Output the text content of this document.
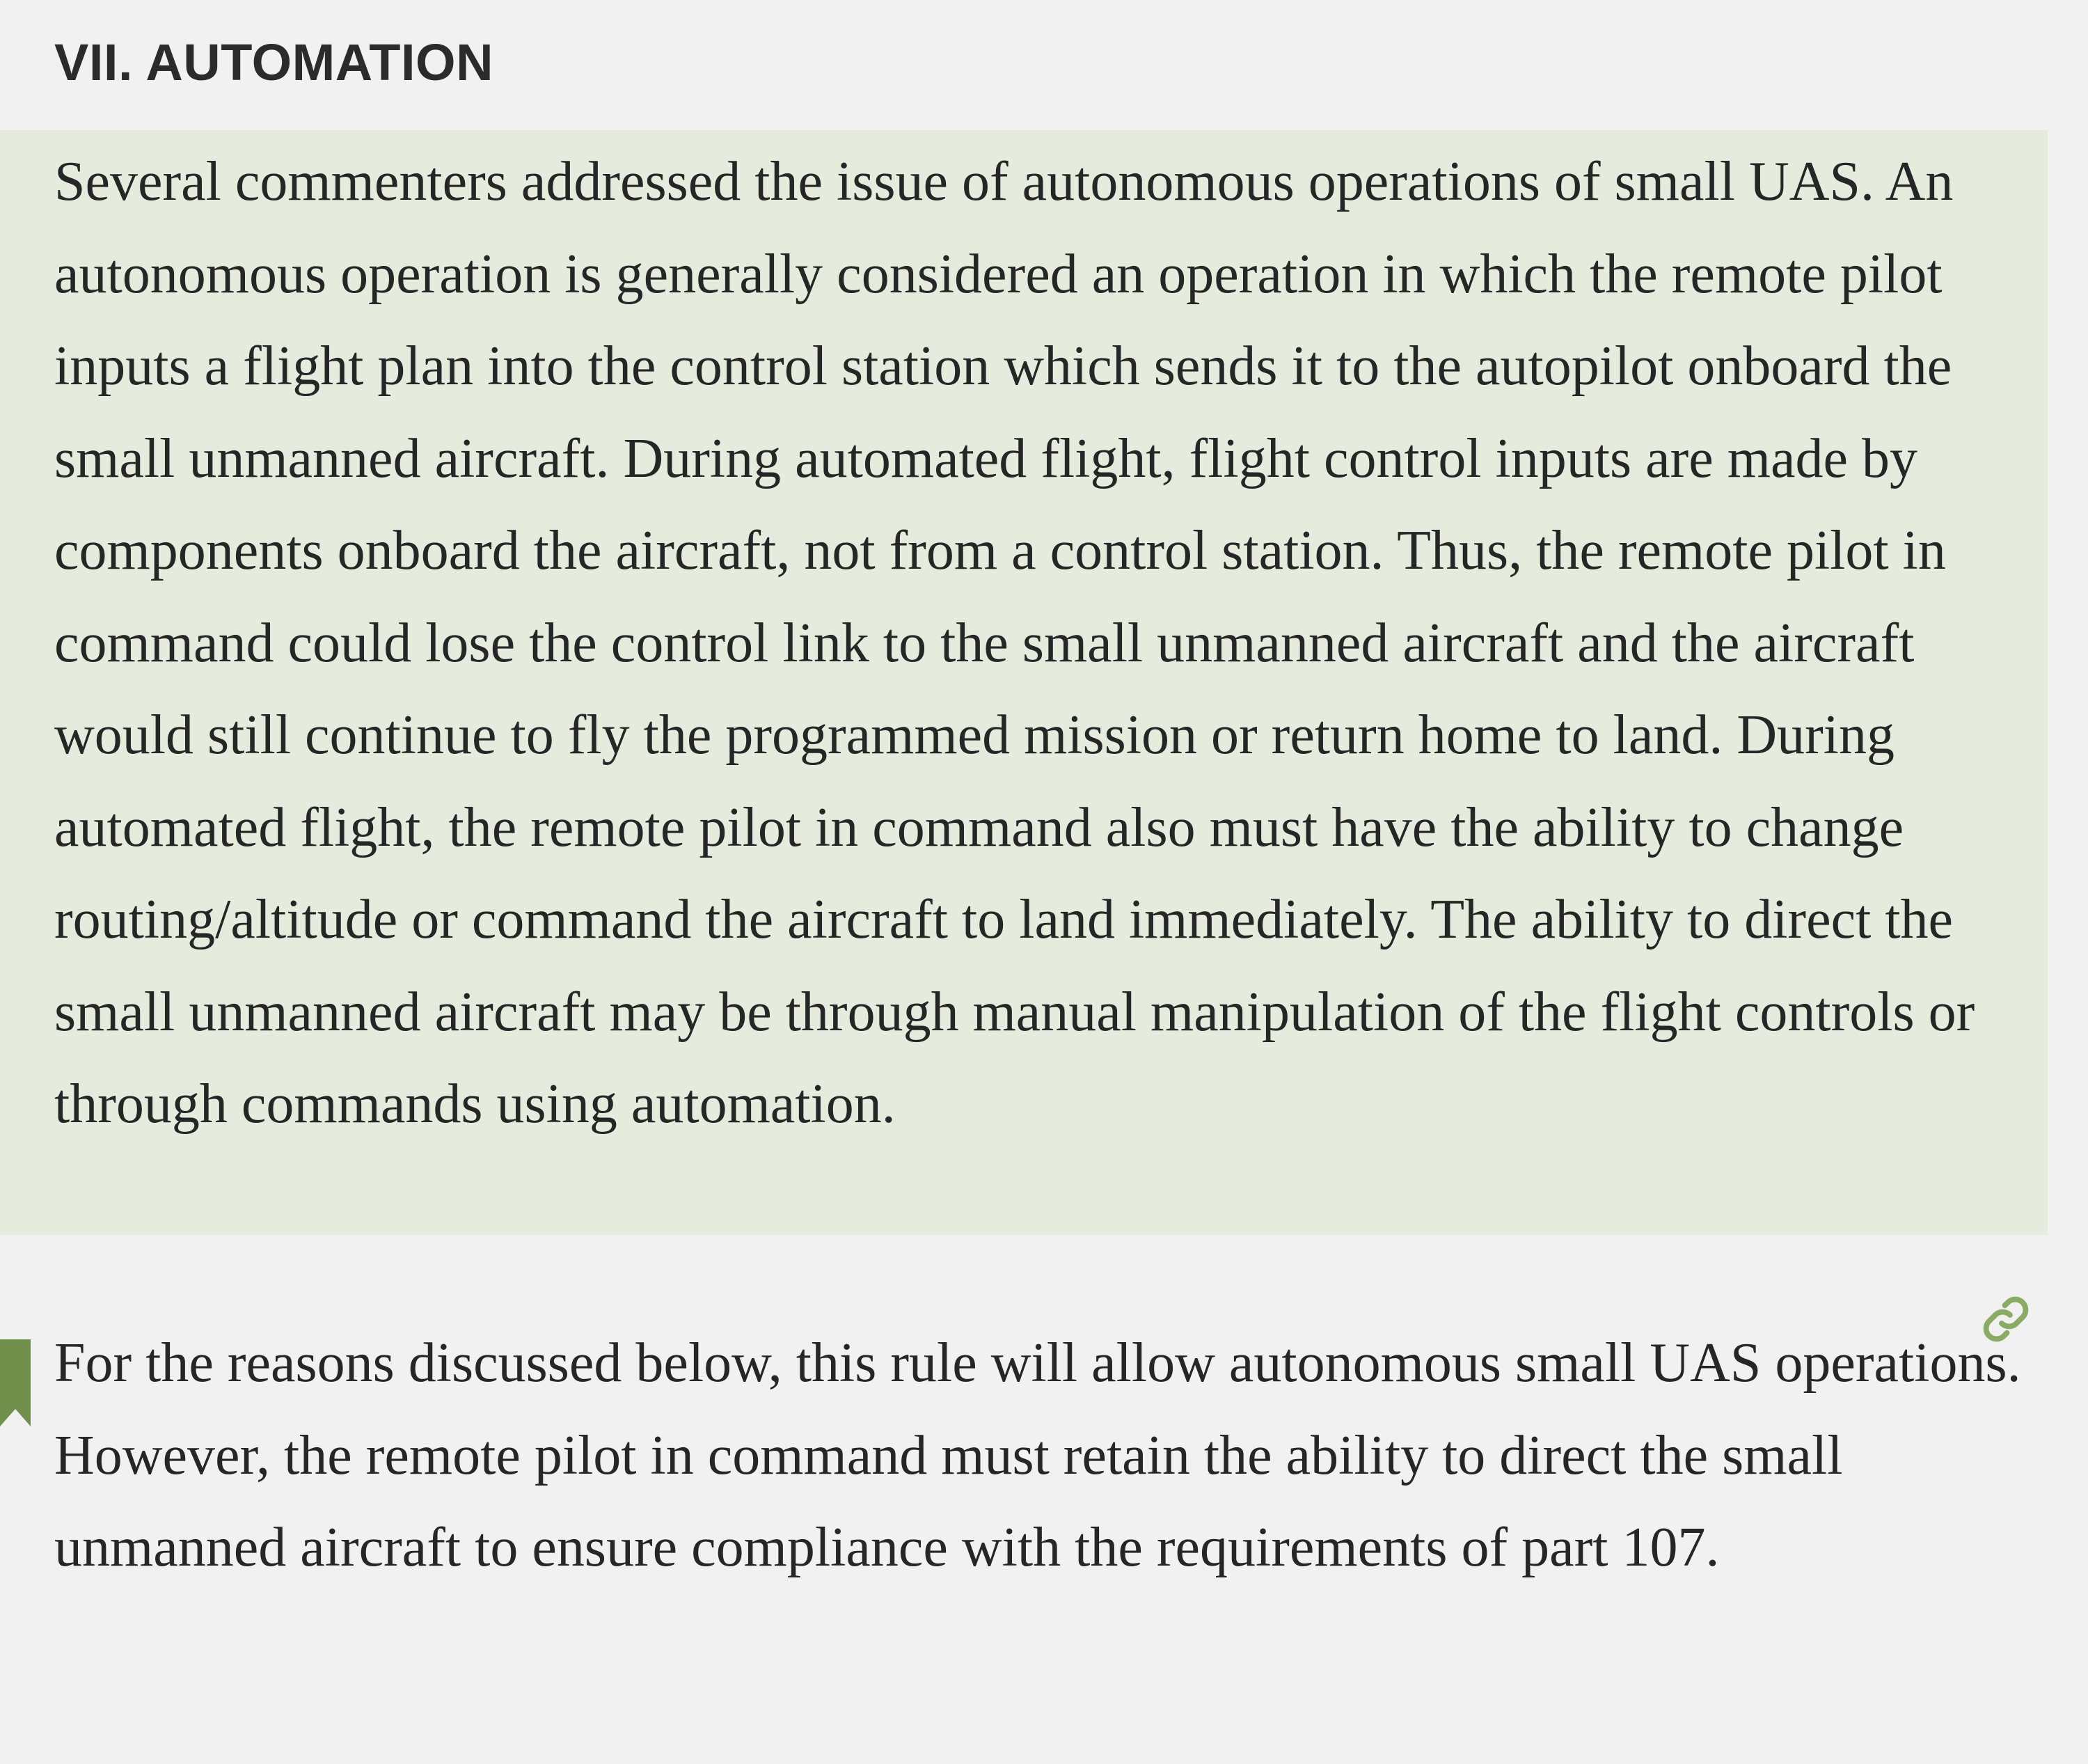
VII. AUTOMATION

Several commenters addressed the issue of autonomous operations of small UAS. An autonomous operation is generally considered an operation in which the remote pilot inputs a flight plan into the control station which sends it to the autopilot onboard the small unmanned aircraft. During automated flight, flight control inputs are made by components onboard the aircraft, not from a control station. Thus, the remote pilot in command could lose the control link to the small unmanned aircraft and the aircraft would still continue to fly the programmed mission or return home to land. During automated flight, the remote pilot in command also must have the ability to change routing/altitude or command the aircraft to land immediately. The ability to direct the small unmanned aircraft may be through manual manipulation of the flight controls or through commands using automation.

For the reasons discussed below, this rule will allow autonomous small UAS operations. However, the remote pilot in command must retain the ability to direct the small unmanned aircraft to ensure compliance with the requirements of part 107.
